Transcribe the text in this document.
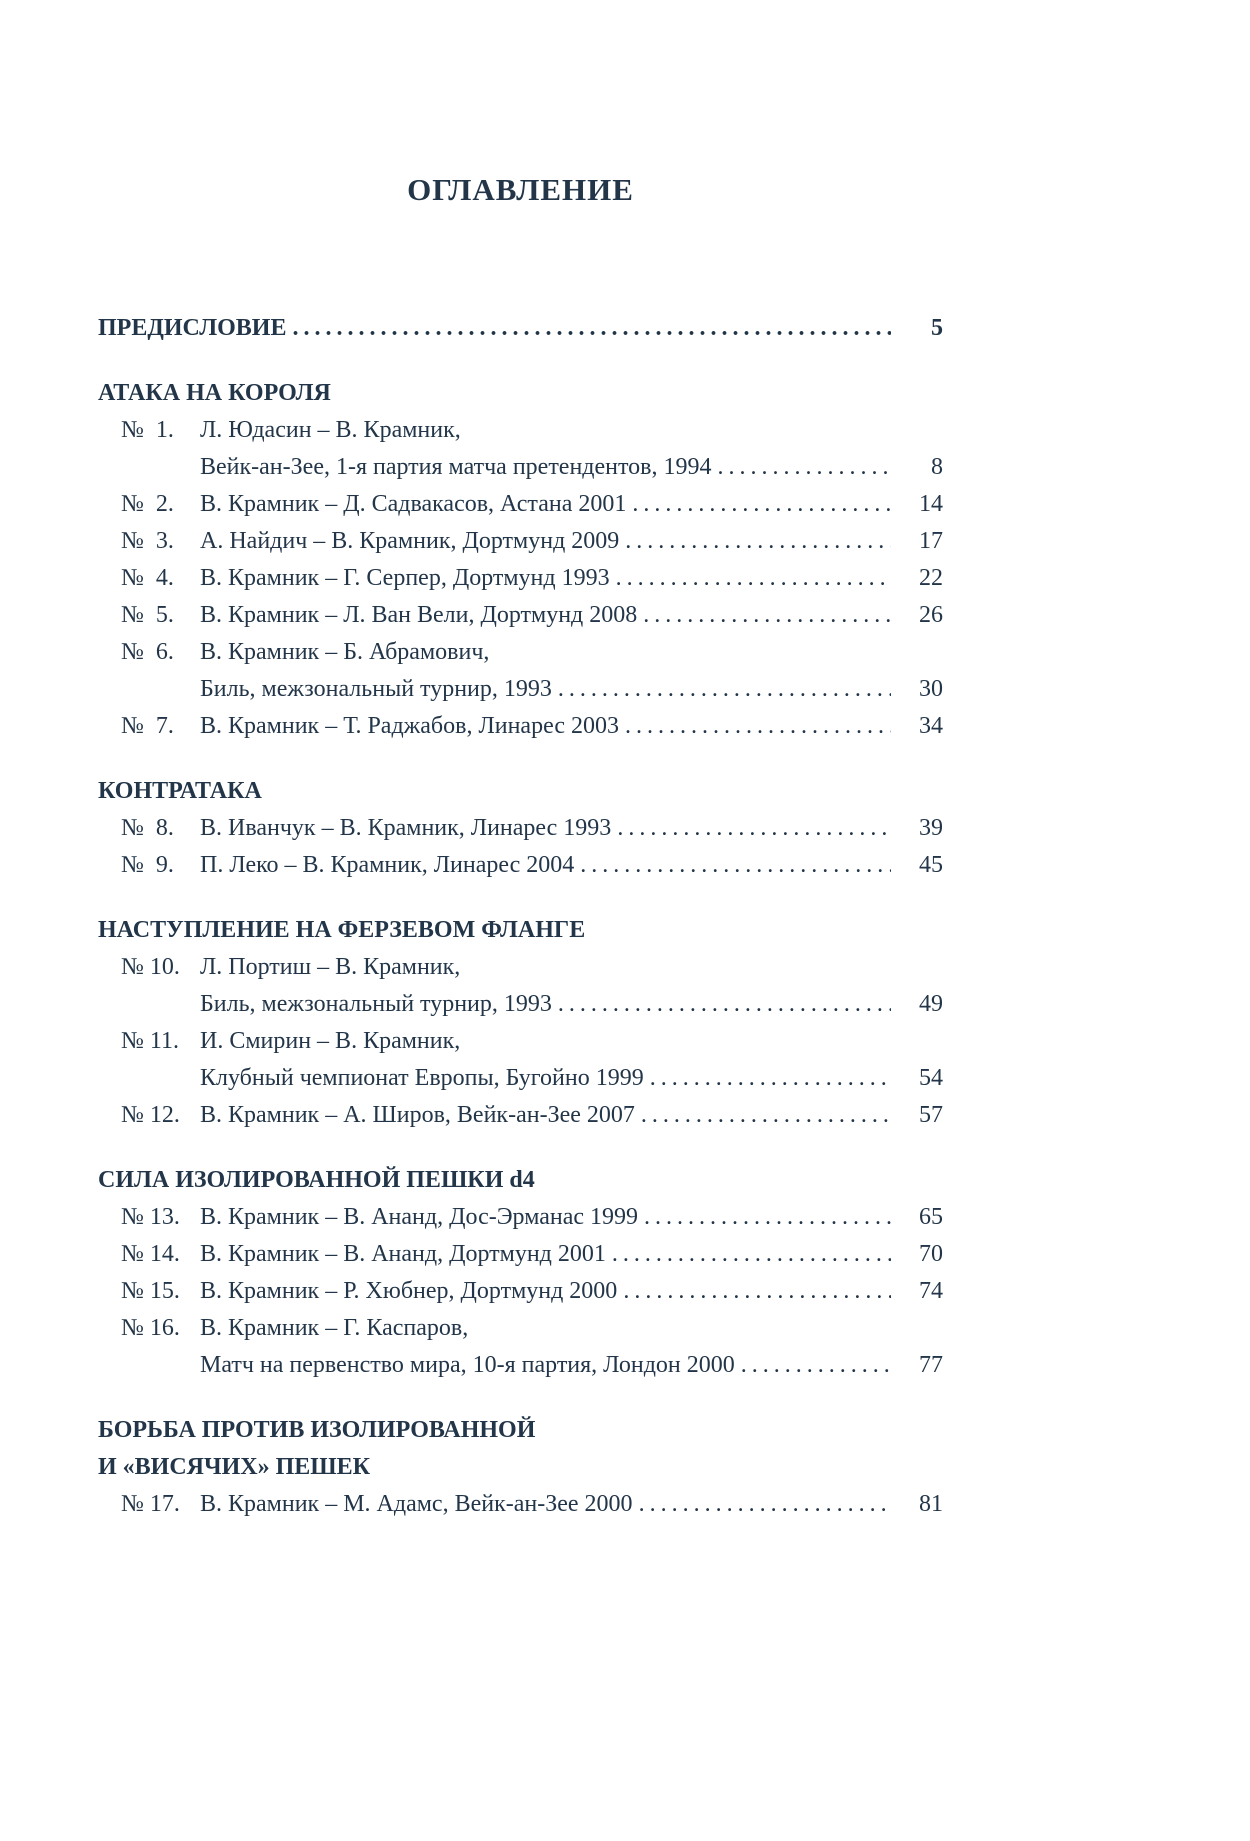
ОГЛАВЛЕНИЕ
ПРЕДИСЛОВИЕ .....	5
АТАКА НА КОРОЛЯ
№  1.	Л. Юдасин – В. Крамник,
Вейк-ан-Зее, 1-я партия матча претендентов, 1994 .....	8
№  2.	В. Крамник – Д. Садвакасов, Астана 2001 .....	14
№  3.	А. Найдич – В. Крамник, Дортмунд 2009 .....	17
№  4.	В. Крамник – Г. Серпер, Дортмунд 1993 .....	22
№  5.	В. Крамник – Л. Ван Вели, Дортмунд 2008 .....	26
№  6.	В. Крамник – Б. Абрамович,
Биль, межзональный турнир, 1993 .....	30
№  7.	В. Крамник – Т. Раджабов, Линарес 2003 .....	34
КОНТРАТАКА
№  8.	В. Иванчук – В. Крамник, Линарес 1993 .....	39
№  9.	П. Леко – В. Крамник, Линарес 2004 .....	45
НАСТУПЛЕНИЕ НА ФЕРЗЕВОМ ФЛАНГЕ
№ 10. Л. Портиш – В. Крамник,
Биль, межзональный турнир, 1993 .....	49
№ 11. И. Смирин – В. Крамник,
Клубный чемпионат Европы, Бугойно 1999 .....	54
№ 12. В. Крамник – А. Широв, Вейк-ан-Зее 2007 .....	57
СИЛА ИЗОЛИРОВАННОЙ ПЕШКИ d4
№ 13. В. Крамник – В. Ананд, Дос-Эрманас 1999 .....	65
№ 14. В. Крамник – В. Ананд, Дортмунд 2001 .....	70
№ 15. В. Крамник – Р. Хюбнер, Дортмунд 2000 .....	74
№ 16. В. Крамник – Г. Каспаров,
Матч на первенство мира, 10-я партия, Лондон 2000 .....	77
БОРЬБА ПРОТИВ ИЗОЛИРОВАННОЙ
И «ВИСЯЧИХ» ПЕШЕК
№ 17. В. Крамник – М. Адамс, Вейк-ан-Зее 2000 .....	81
